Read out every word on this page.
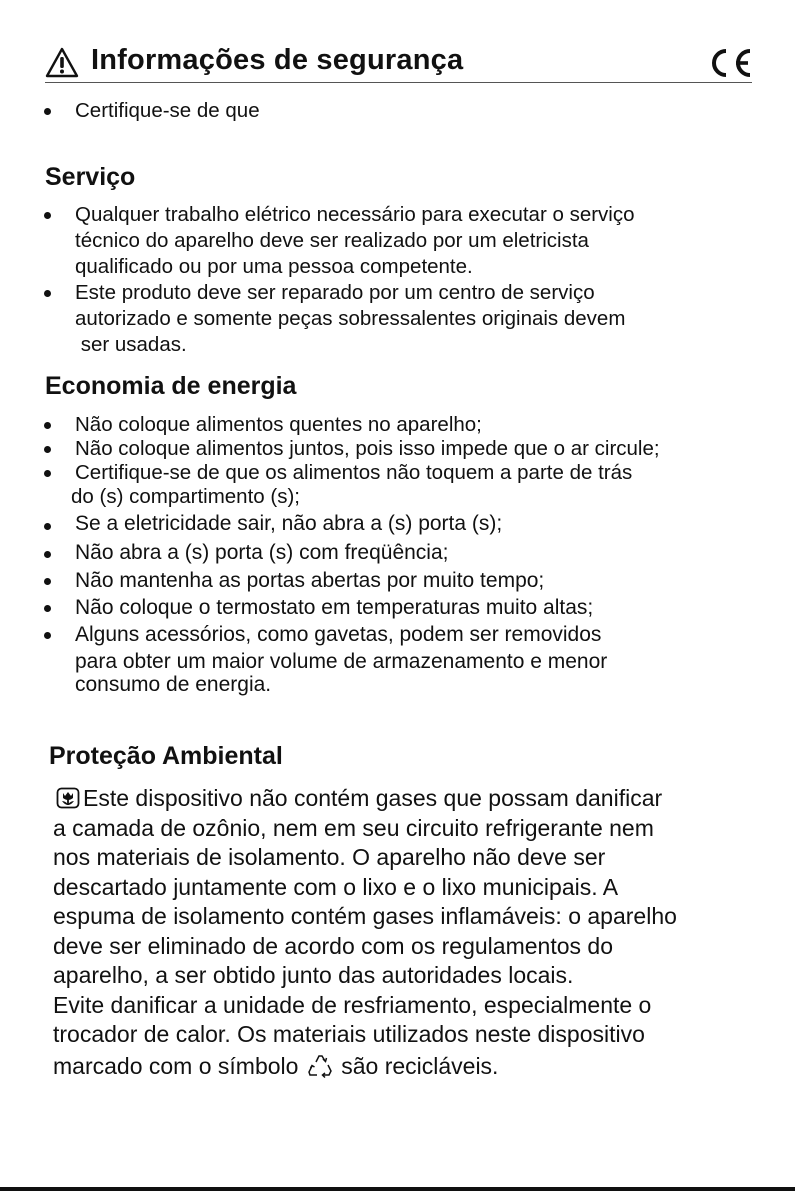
Informações de segurança
Certifique-se de que
Serviço
Qualquer trabalho elétrico necessário para executar o serviço
técnico do aparelho deve ser realizado por um eletricista
qualificado ou por uma pessoa competente.
Este produto deve ser reparado por um centro de serviço
autorizado e somente peças sobressalentes originais devem
ser usadas.
Economia de energia
Não coloque alimentos quentes no aparelho;
Não coloque alimentos juntos, pois isso impede que o ar circule;
Certifique-se de que os alimentos não toquem a parte de trás
do (s) compartimento (s);
Se a eletricidade sair, não abra a (s) porta (s);
Não abra a (s) porta (s) com freqüência;
Não mantenha as portas abertas por muito tempo;
Não coloque o termostato em temperaturas muito altas;
Alguns acessórios, como gavetas, podem ser removidos
para obter um maior volume de armazenamento e menor
consumo de energia.
Proteção Ambiental
Este dispositivo não contém gases que possam danificar
a camada de ozônio, nem em seu circuito refrigerante nem
nos materiais de isolamento. O aparelho não deve ser
descartado juntamente com o lixo e o lixo municipais. A
espuma de isolamento contém gases inflamáveis: o aparelho
deve ser eliminado de acordo com os regulamentos do
aparelho, a ser obtido junto das autoridades locais.
Evite danificar a unidade de resfriamento, especialmente o
trocador de calor. Os materiais utilizados neste dispositivo
marcado com o símbolo são recicláveis.
